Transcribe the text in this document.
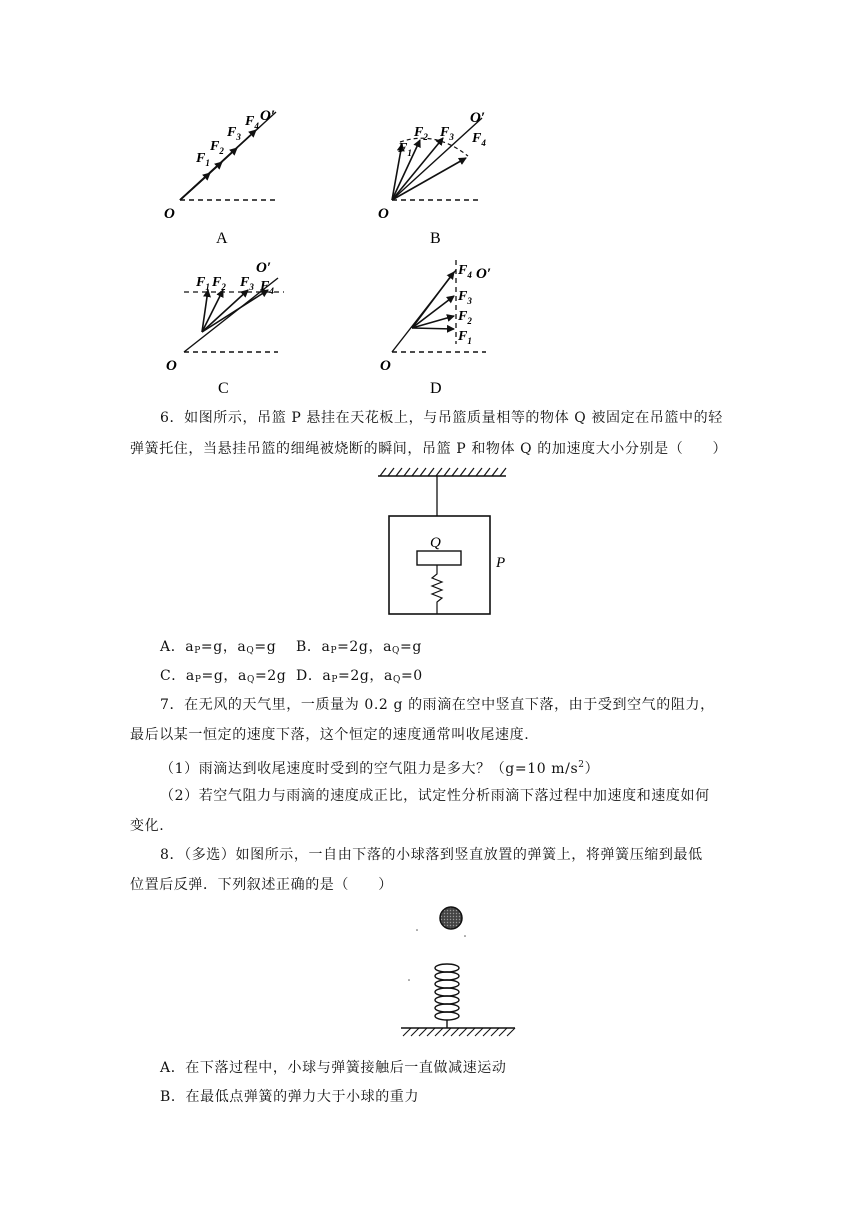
O
O′
$F_1$
$F_2$
$F_3$
$F_4$
A
O
O′
$F_1$
$F_2$ $F_3$ $F_4$
B
O
O′
$F_1$ $F_2$ $F_3$ $F_4$
C
O
O′
$F_4$
$F_3$
$F_2$
$F_1$
D
6．如图所示，吊篮 P 悬挂在天花板上，与吊篮质量相等的物体 Q 被固定在吊篮中的轻
弹簧托住，当悬挂吊篮的细绳被烧断的瞬间，吊篮 P 和物体 Q 的加速度大小分别是（　　）
Q
P
A．$a_P=g$，$a_Q=g$ B．$a_P=2g$，$a_Q=g$
C．$a_P=g$，$a_Q=2g$ D．$a_P=2g$，$a_Q=0$
7．在无风的天气里，一质量为 0.2 g 的雨滴在空中竖直下落，由于受到空气的阻力，
最后以某一恒定的速度下落，这个恒定的速度通常叫收尾速度.
（1）雨滴达到收尾速度时受到的空气阻力是多大？（g=10 $m/s^2$）
（2）若空气阻力与雨滴的速度成正比，试定性分析雨滴下落过程中加速度和速度如何
变化.
8．（多选）如图所示，一自由下落的小球落到竖直放置的弹簧上，将弹簧压缩到最低
位置后反弹．下列叙述正确的是（　　）
A．在下落过程中，小球与弹簧接触后一直做减速运动
B．在最低点弹簧的弹力大于小球的重力
